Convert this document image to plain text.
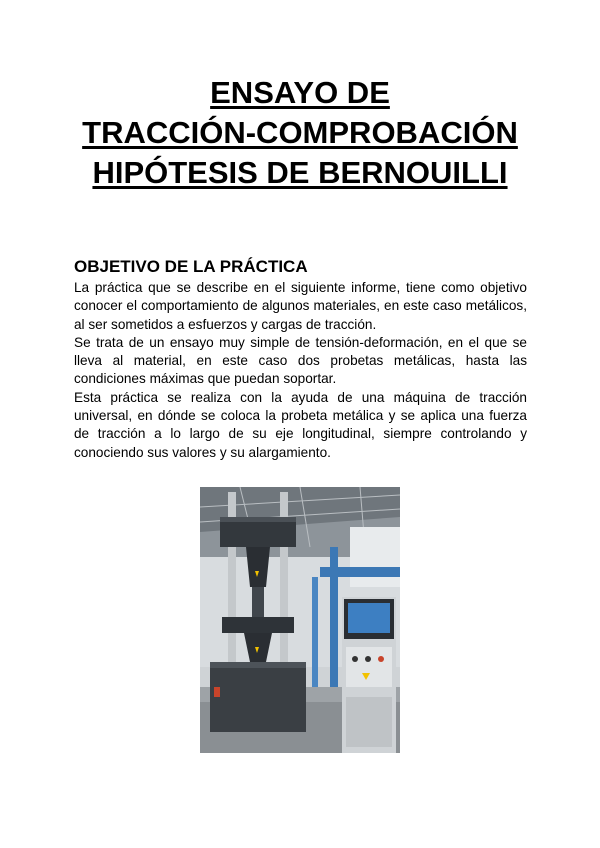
ENSAYO DE
TRACCIÓN-COMPROBACIÓN
HIPÓTESIS DE BERNOUILLI
OBJETIVO DE LA PRÁCTICA

La práctica que se describe en el siguiente informe, tiene como objetivo conocer el comportamiento de algunos materiales, en este caso metálicos, al ser sometidos a esfuerzos y cargas de tracción.

Se trata de un ensayo muy simple de tensión-deformación, en el que se lleva al material, en este caso dos probetas metálicas, hasta las condiciones máximas que puedan soportar.

Esta práctica se realiza con la ayuda de una máquina de tracción universal, en dónde se coloca la probeta metálica y se aplica una fuerza de tracción a lo largo de su eje longitudinal, siempre controlando y conociendo sus valores y su alargamiento.
